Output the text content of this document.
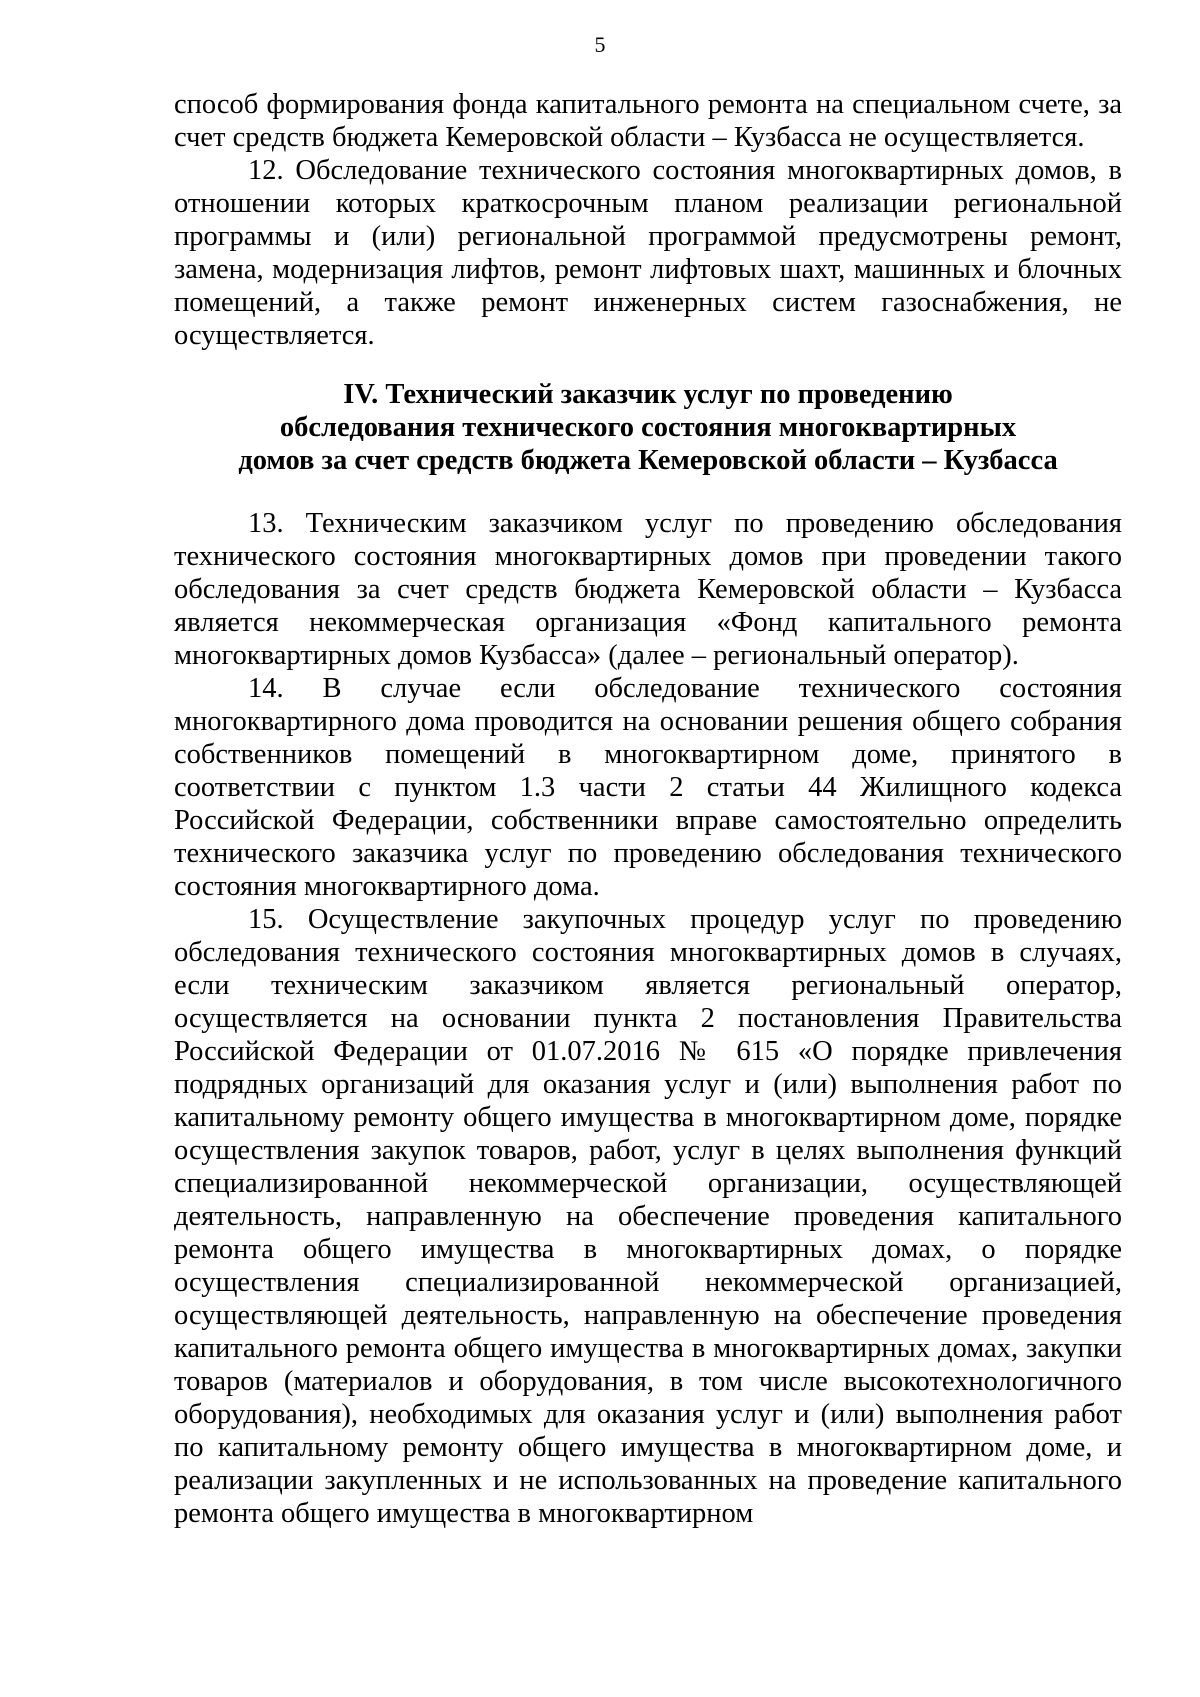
5

способ формирования фонда капитального ремонта на специальном счете, за счет средств бюджета Кемеровской области – Кузбасса не осуществляется.

12. Обследование технического состояния многоквартирных домов, в отношении которых краткосрочным планом реализации региональной программы и (или) региональной программой предусмотрены ремонт, замена, модернизация лифтов, ремонт лифтовых шахт, машинных и блочных помещений, а также ремонт инженерных систем газоснабжения, не осуществляется.

IV. Технический заказчик услуг по проведению
обследования технического состояния многоквартирных
домов за счет средств бюджета Кемеровской области – Кузбасса

13. Техническим заказчиком услуг по проведению обследования технического состояния многоквартирных домов при проведении такого обследования за счет средств бюджета Кемеровской области – Кузбасса является некоммерческая организация «Фонд капитального ремонта многоквартирных домов Кузбасса» (далее – региональный оператор).

14. В случае если обследование технического состояния многоквартирного дома проводится на основании решения общего собрания собственников помещений в многоквартирном доме, принятого в соответствии с пунктом 1.3 части 2 статьи 44 Жилищного кодекса Российской Федерации, собственники вправе самостоятельно определить технического заказчика услуг по проведению обследования технического состояния многоквартирного дома.

15. Осуществление закупочных процедур услуг по проведению обследования технического состояния многоквартирных домов в случаях, если техническим заказчиком является региональный оператор, осуществляется на основании пункта 2 постановления Правительства Российской Федерации от 01.07.2016 № 615 «О порядке привлечения подрядных организаций для оказания услуг и (или) выполнения работ по капитальному ремонту общего имущества в многоквартирном доме, порядке осуществления закупок товаров, работ, услуг в целях выполнения функций специализированной некоммерческой организации, осуществляющей деятельность, направленную на обеспечение проведения капитального ремонта общего имущества в многоквартирных домах, о порядке осуществления специализированной некоммерческой организацией, осуществляющей деятельность, направленную на обеспечение проведения капитального ремонта общего имущества в многоквартирных домах, закупки товаров (материалов и оборудования, в том числе высокотехнологичного оборудования), необходимых для оказания услуг и (или) выполнения работ по капитальному ремонту общего имущества в многоквартирном доме, и реализации закупленных и не использованных на проведение капитального ремонта общего имущества в многоквартирном
